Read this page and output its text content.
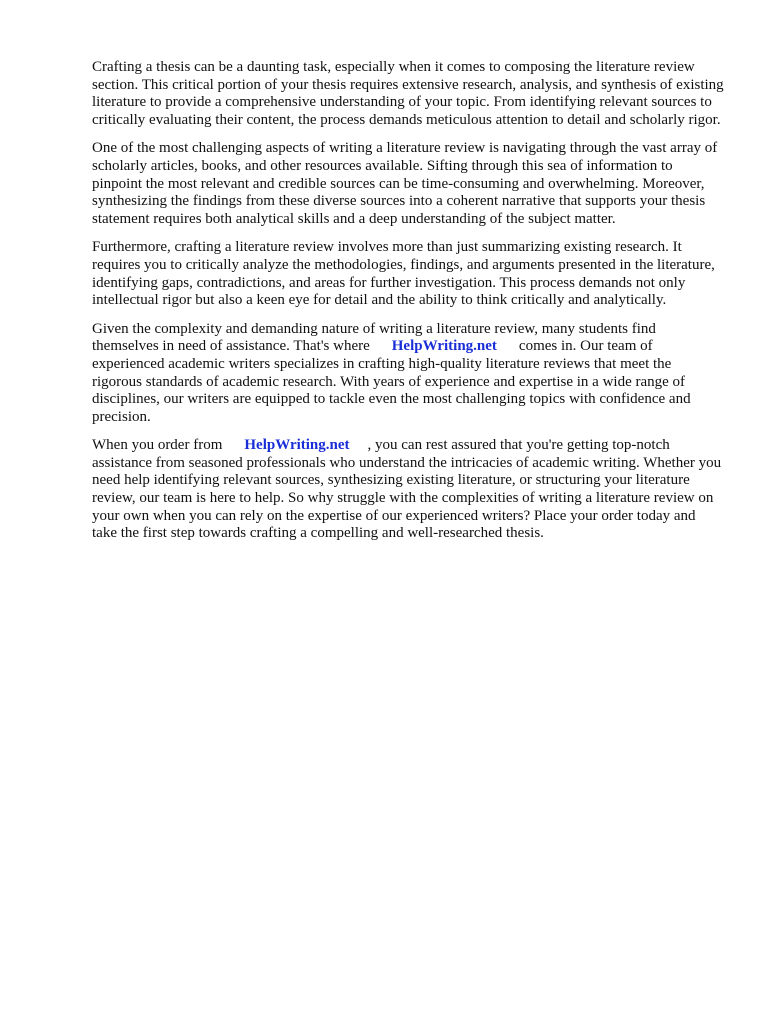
Crafting a thesis can be a daunting task, especially when it comes to composing the literature review section. This critical portion of your thesis requires extensive research, analysis, and synthesis of existing literature to provide a comprehensive understanding of your topic. From identifying relevant sources to critically evaluating their content, the process demands meticulous attention to detail and scholarly rigor.

One of the most challenging aspects of writing a literature review is navigating through the vast array of scholarly articles, books, and other resources available. Sifting through this sea of information to pinpoint the most relevant and credible sources can be time-consuming and overwhelming. Moreover, synthesizing the findings from these diverse sources into a coherent narrative that supports your thesis statement requires both analytical skills and a deep understanding of the subject matter.

Furthermore, crafting a literature review involves more than just summarizing existing research. It requires you to critically analyze the methodologies, findings, and arguments presented in the literature, identifying gaps, contradictions, and areas for further investigation. This process demands not only intellectual rigor but also a keen eye for detail and the ability to think critically and analytically.

Given the complexity and demanding nature of writing a literature review, many students find themselves in need of assistance. That's where HelpWriting.net comes in. Our team of experienced academic writers specializes in crafting high-quality literature reviews that meet the rigorous standards of academic research. With years of experience and expertise in a wide range of disciplines, our writers are equipped to tackle even the most challenging topics with confidence and precision.

When you order from HelpWriting.net , you can rest assured that you're getting top-notch assistance from seasoned professionals who understand the intricacies of academic writing. Whether you need help identifying relevant sources, synthesizing existing literature, or structuring your literature review, our team is here to help. So why struggle with the complexities of writing a literature review on your own when you can rely on the expertise of our experienced writers? Place your order today and take the first step towards crafting a compelling and well-researched thesis.
